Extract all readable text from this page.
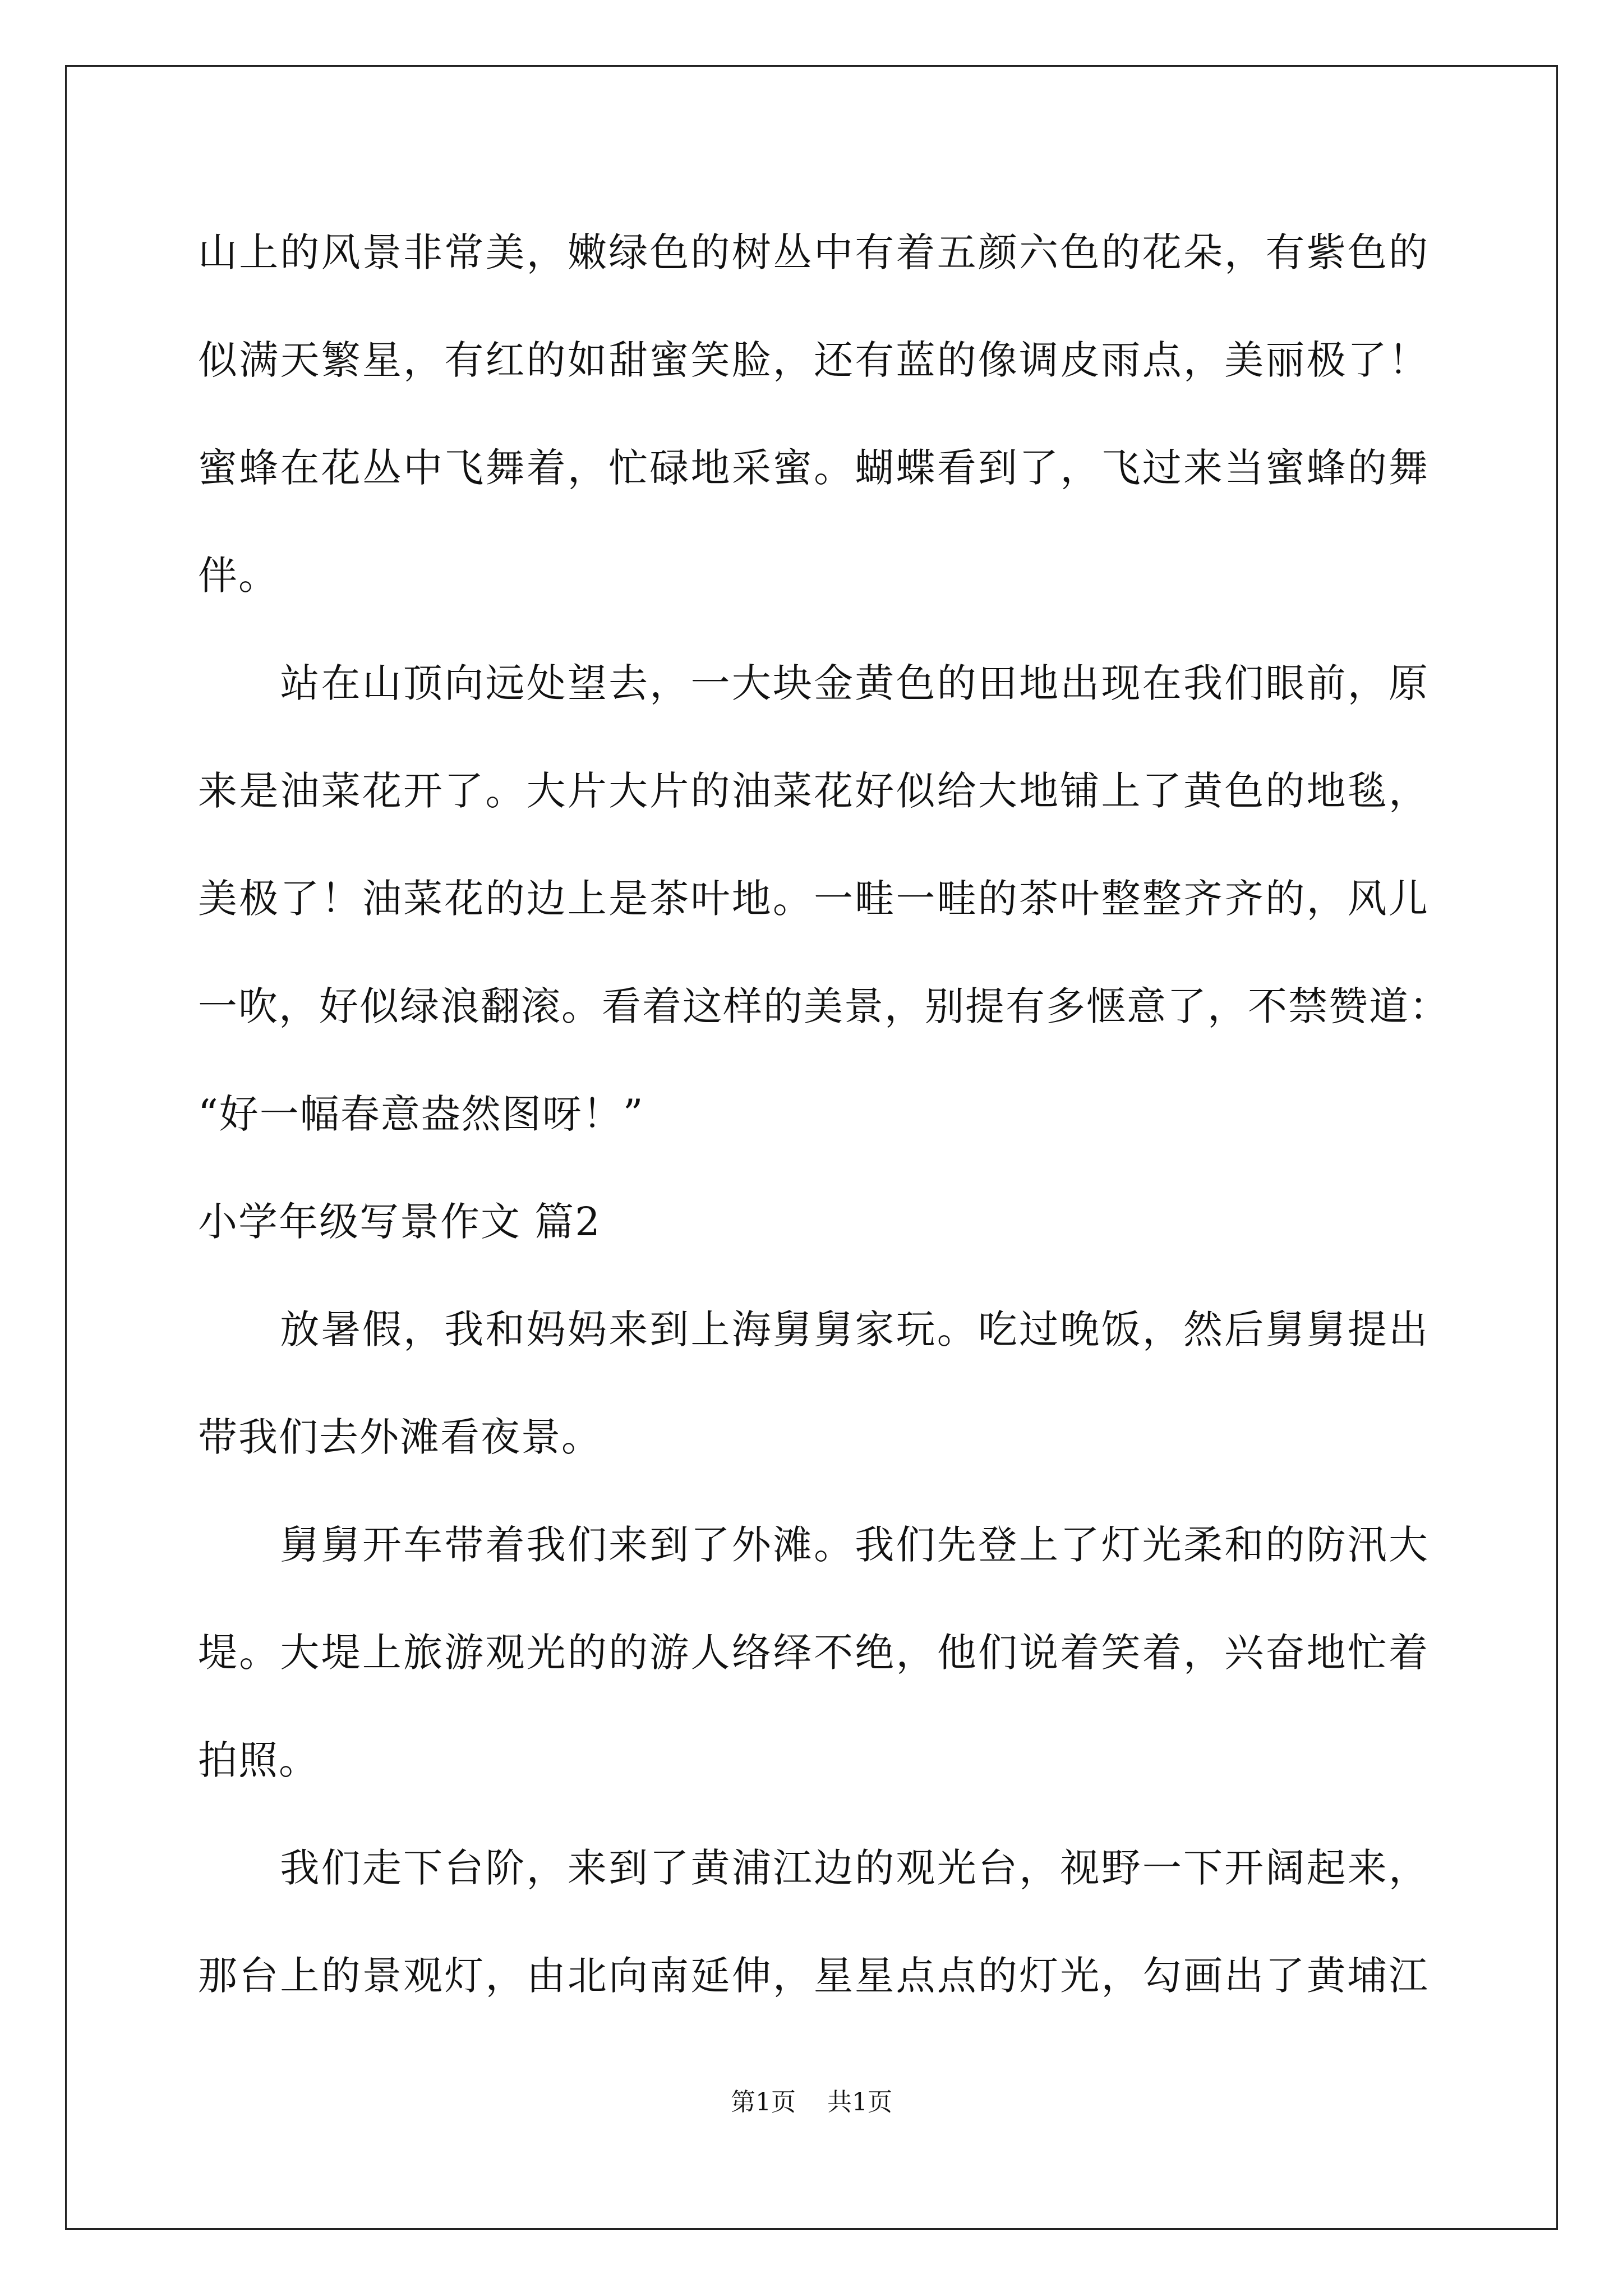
山上的风景非常美，嫩绿色的树丛中有着五颜六色的花朵，有紫色的
似满天繁星，有红的如甜蜜笑脸，还有蓝的像调皮雨点，美丽极了！
蜜蜂在花丛中飞舞着，忙碌地采蜜。蝴蝶看到了，飞过来当蜜蜂的舞
伴。
　　站在山顶向远处望去，一大块金黄色的田地出现在我们眼前，原
来是油菜花开了。大片大片的油菜花好似给大地铺上了黄色的地毯，
美极了！油菜花的边上是茶叶地。一畦一畦的茶叶整整齐齐的，风儿
一吹，好似绿浪翻滚。看着这样的美景，别提有多惬意了，不禁赞道：
“好一幅春意盎然图呀！”
小学年级写景作文 篇2
　　放暑假，我和妈妈来到上海舅舅家玩。吃过晚饭，然后舅舅提出
带我们去外滩看夜景。
　　舅舅开车带着我们来到了外滩。我们先登上了灯光柔和的防汛大
堤。大堤上旅游观光的的游人络绎不绝，他们说着笑着，兴奋地忙着
拍照。
　　我们走下台阶，来到了黄浦江边的观光台，视野一下开阔起来，
那台上的景观灯，由北向南延伸，星星点点的灯光，勾画出了黄埔江
第1页 共1页
